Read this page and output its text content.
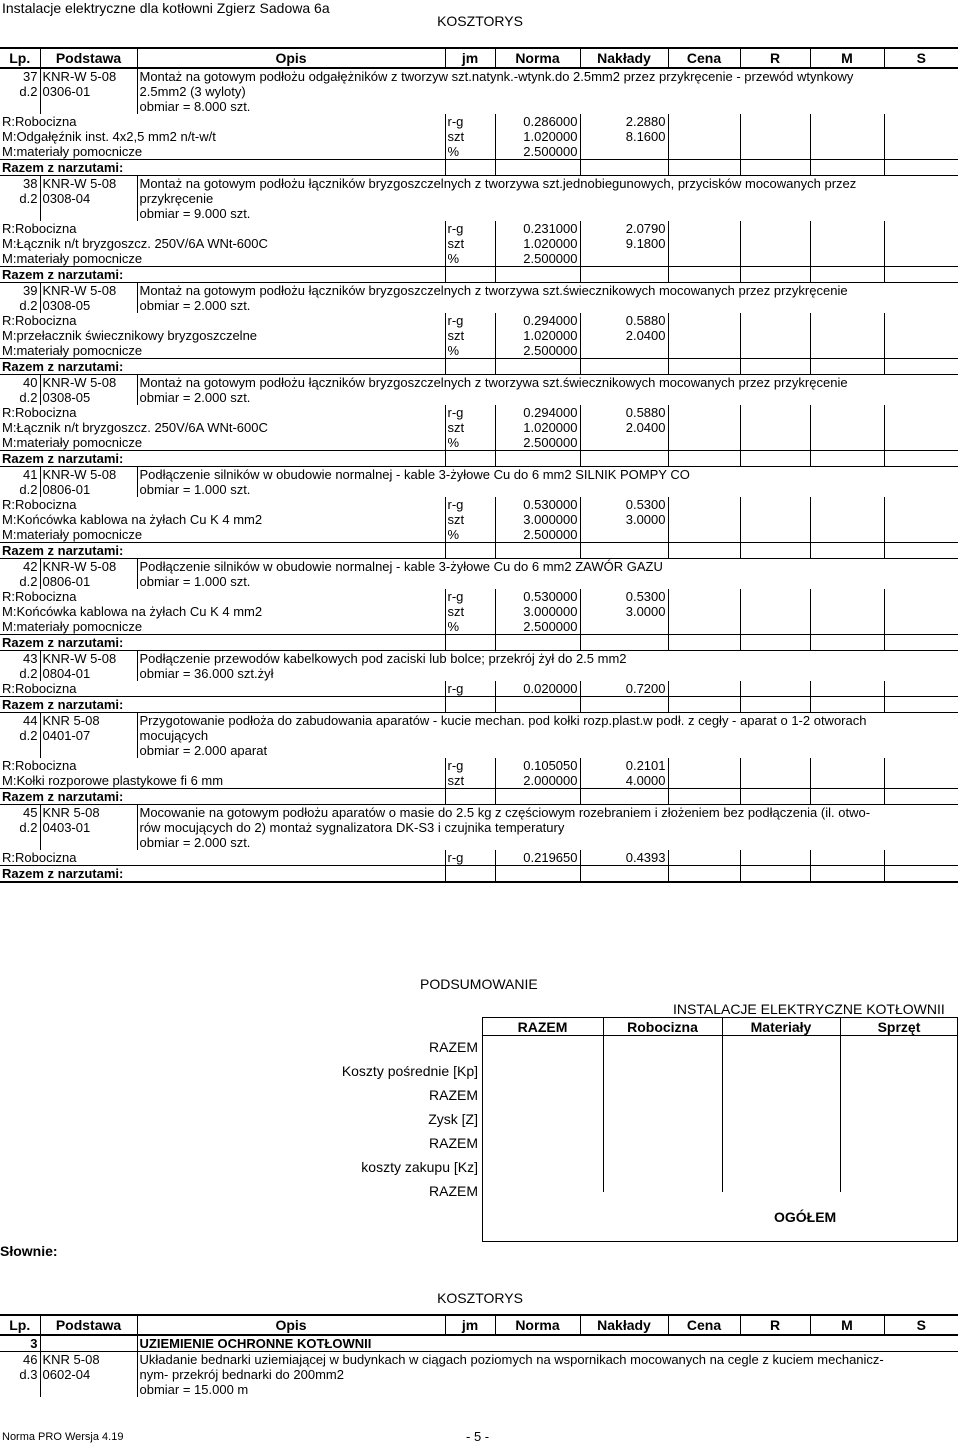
Instalacje elektryczne dla kotłowni Zgierz Sadowa 6a
KOSZTORYS
Lp.	Podstawa	Opis	jm	Norma	Nakłady	Cena	R	M	S
37	KNR-W 5-08	Montaż na gotowym podłożu odgałężników z tworzyw szt.natynk.-wtynk.do 2.5mm2 przez przykręcenie - przewód wtynkowy							
d.2	0306-01	2.5mm2 (3 wyloty)							
		obmiar = 8.000 szt.							
R:Robocizna			r-g	0.286000	2.2880				
M:Odgałęźnik inst. 4x2,5 mm2 n/t-w/t			szt	1.020000	8.1600				
M:materiały pomocnicze			%	2.500000					
Razem z narzutami:									
38	KNR-W 5-08	Montaż na gotowym podłożu łączników bryzgoszczelnych z tworzywa szt.jednobiegunowych, przycisków mocowanych przez							
d.2	0308-04	przykręcenie							
		obmiar = 9.000 szt.							
R:Robocizna			r-g	0.231000	2.0790				
M:Łącznik n/t bryzgoszcz. 250V/6A WNt-600C			szt	1.020000	9.1800				
M:materiały pomocnicze			%	2.500000					
Razem z narzutami:									
39	KNR-W 5-08	Montaż na gotowym podłożu łączników bryzgoszczelnych z tworzywa szt.świecznikowych mocowanych przez przykręcenie							
d.2	0308-05	obmiar = 2.000 szt.							
R:Robocizna			r-g	0.294000	0.5880				
M:przełacznik świecznikowy bryzgoszczelne			szt	1.020000	2.0400				
M:materiały pomocnicze			%	2.500000					
Razem z narzutami:									
40	KNR-W 5-08	Montaż na gotowym podłożu łączników bryzgoszczelnych z tworzywa szt.świecznikowych mocowanych przez przykręcenie							
d.2	0308-05	obmiar = 2.000 szt.							
R:Robocizna			r-g	0.294000	0.5880				
M:Łącznik n/t bryzgoszcz. 250V/6A WNt-600C			szt	1.020000	2.0400				
M:materiały pomocnicze			%	2.500000					
Razem z narzutami:									
41	KNR-W 5-08	Podłączenie silników w obudowie normalnej - kable 3-żyłowe Cu do 6 mm2 SILNIK POMPY CO							
d.2	0806-01	obmiar = 1.000 szt.							
R:Robocizna			r-g	0.530000	0.5300				
M:Końcówka kablowa na żyłach Cu K 4 mm2			szt	3.000000	3.0000				
M:materiały pomocnicze			%	2.500000					
Razem z narzutami:									
42	KNR-W 5-08	Podłączenie silników w obudowie normalnej - kable 3-żyłowe Cu do 6 mm2 ZAWÓR GAZU							
d.2	0806-01	obmiar = 1.000 szt.							
R:Robocizna			r-g	0.530000	0.5300				
M:Końcówka kablowa na żyłach Cu K 4 mm2			szt	3.000000	3.0000				
M:materiały pomocnicze			%	2.500000					
Razem z narzutami:									
43	KNR-W 5-08	Podłączenie przewodów kabelkowych pod zaciski lub bolce; przekrój żył do 2.5 mm2							
d.2	0804-01	obmiar = 36.000 szt.żył							
R:Robocizna			r-g	0.020000	0.7200				
Razem z narzutami:									
44	KNR 5-08	Przygotowanie podłoża do zabudowania aparatów - kucie mechan. pod kołki rozp.plast.w podł. z cegły - aparat o 1-2 otworach							
d.2	0401-07	mocujących							
		obmiar = 2.000 aparat							
R:Robocizna			r-g	0.105050	0.2101				
M:Kołki rozporowe plastykowe fi 6 mm			szt	2.000000	4.0000				
Razem z narzutami:									
45	KNR 5-08	Mocowanie na gotowym podłożu aparatów o masie do 2.5 kg z częściowym rozebraniem i złożeniem bez podłączenia (il. otwo-							
d.2	0403-01	rów mocujących do 2) montaż sygnalizatora DK-S3 i czujnika temperatury							
		obmiar = 2.000 szt.							
R:Robocizna			r-g	0.219650	0.4393				
Razem z narzutami:									
PODSUMOWANIE
INSTALACJE ELEKTRYCZNE KOTŁOWNII
RAZEM	Robocizna	Materiały	Sprzęt
RAZEM
Koszty pośrednie [Kp]
RAZEM
Zysk [Z]
RAZEM
koszty zakupu [Kz]
RAZEM
OGÓŁEM
Słownie:
KOSZTORYS
Lp.	Podstawa	Opis	jm	Norma	Nakłady	Cena	R	M	S
3		UZIEMIENIE OCHRONNE KOTŁOWNII							
46	KNR 5-08	Układanie bednarki uziemiającej w budynkach w ciągach poziomych na wspornikach mocowanych na cegle z kuciem mechanicz-							
d.3	0602-04	nym- przekrój bednarki do 200mm2							
		obmiar = 15.000 m							
Norma PRO Wersja 4.19	- 5 -
